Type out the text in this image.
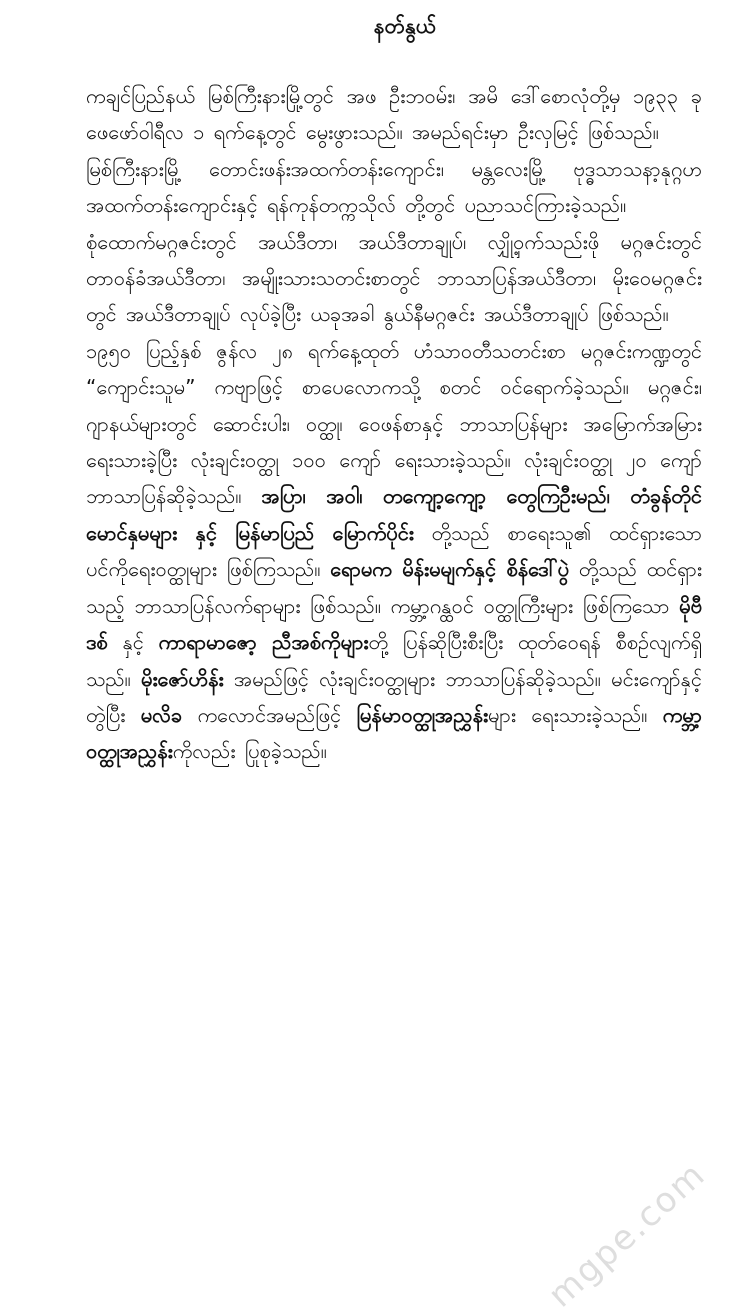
နတ်နွယ်

ကချင်ပြည်နယ် မြစ်ကြီးနားမြို့တွင် အဖ ဦးဘဝမ်း၊ အမိ ဒေါ်စောလုံတို့မှ ၁၉၃၃ ခု ဖေဖော်ဝါရီလ ၁ ရက်နေ့တွင် မွေးဖွားသည်။ အမည်ရင်းမှာ ဦးလှမြင့် ဖြစ်သည်။

မြစ်ကြီးနားမြို့ တောင်းဖန်းအထက်တန်းကျောင်း၊ မန္တလေးမြို့ ဗုဒ္ဓသာသနာ့နုဂ္ဂဟ အထက်တန်းကျောင်းနှင့် ရန်ကုန်တက္ကသိုလ် တို့တွင် ပညာသင်ကြားခဲ့သည်။

စုံထောက်မဂ္ဂဇင်းတွင် အယ်ဒီတာ၊ အယ်ဒီတာချုပ်၊ လျှို့ဝှက်သည်းဖို မဂ္ဂဇင်းတွင် တာဝန်ခံအယ်ဒီတာ၊ အမျိုးသားသတင်းစာတွင် ဘာသာပြန်အယ်ဒီတာ၊ မိုးဝေမဂ္ဂဇင်းတွင် အယ်ဒီတာချုပ် လုပ်ခဲ့ပြီး ယခုအခါ နွယ်နီမဂ္ဂဇင်း အယ်ဒီတာချုပ် ဖြစ်သည်။

၁၉၅၀ ပြည့်နှစ် ဇွန်လ ၂၈ ရက်နေ့ထုတ် ဟံသာဝတီသတင်းစာ မဂ္ဂဇင်းကဏ္ဍတွင် “ကျောင်းသူမ” ကဗျာဖြင့် စာပေလောကသို့ စတင် ဝင်ရောက်ခဲ့သည်။ မဂ္ဂဇင်း၊ ဂျာနယ်များတွင် ဆောင်းပါး၊ ဝတ္ထု၊ ဝေဖန်စာနှင့် ဘာသာပြန်များ အမြောက်အမြား ရေးသားခဲ့ပြီး လုံးချင်းဝတ္ထု ၁၀၀ ကျော် ရေးသားခဲ့သည်။ လုံးချင်းဝတ္ထု ၂၀ ကျော် ဘာသာပြန်ဆိုခဲ့သည်။ အပြာ၊ အဝါ၊ တကျော့ကျော့ တွေကြဦးမည်၊ တံခွန်တိုင် မောင်နှမများ နှင့် မြန်မာပြည် မြောက်ပိုင်း တို့သည် စာရေးသူ၏ ထင်ရှားသော ပင်ကိုရေးဝတ္ထုများ ဖြစ်ကြသည်။ ရောမက မိန်းမမျက်နှင့် စိန်ဒေါ်ပွဲ တို့သည် ထင်ရှားသည့် ဘာသာပြန်လက်ရာများ ဖြစ်သည်။ ကမ္ဘာ့ဂန္ထဝင် ဝတ္ထုကြီးများ ဖြစ်ကြသော မိုဗီဒစ် နှင့် ကာရာမာဇော့ ညီအစ်ကိုများတို့ ပြန်ဆိုပြီးစီးပြီး ထုတ်ဝေရန် စီစဉ်လျက်ရှိသည်။ မိုးဇော်ဟိန်း အမည်ဖြင့် လုံးချင်းဝတ္ထုများ ဘာသာပြန်ဆိုခဲ့သည်။ မင်းကျော်နှင့် တွဲပြီး မလိခ ကလောင်အမည်ဖြင့် မြန်မာဝတ္ထုအညွှန်းများ ရေးသားခဲ့သည်။ ကမ္ဘာ့ဝတ္ထုအညွှန်းကိုလည်း ပြုစုခဲ့သည်။

mgpe.com
